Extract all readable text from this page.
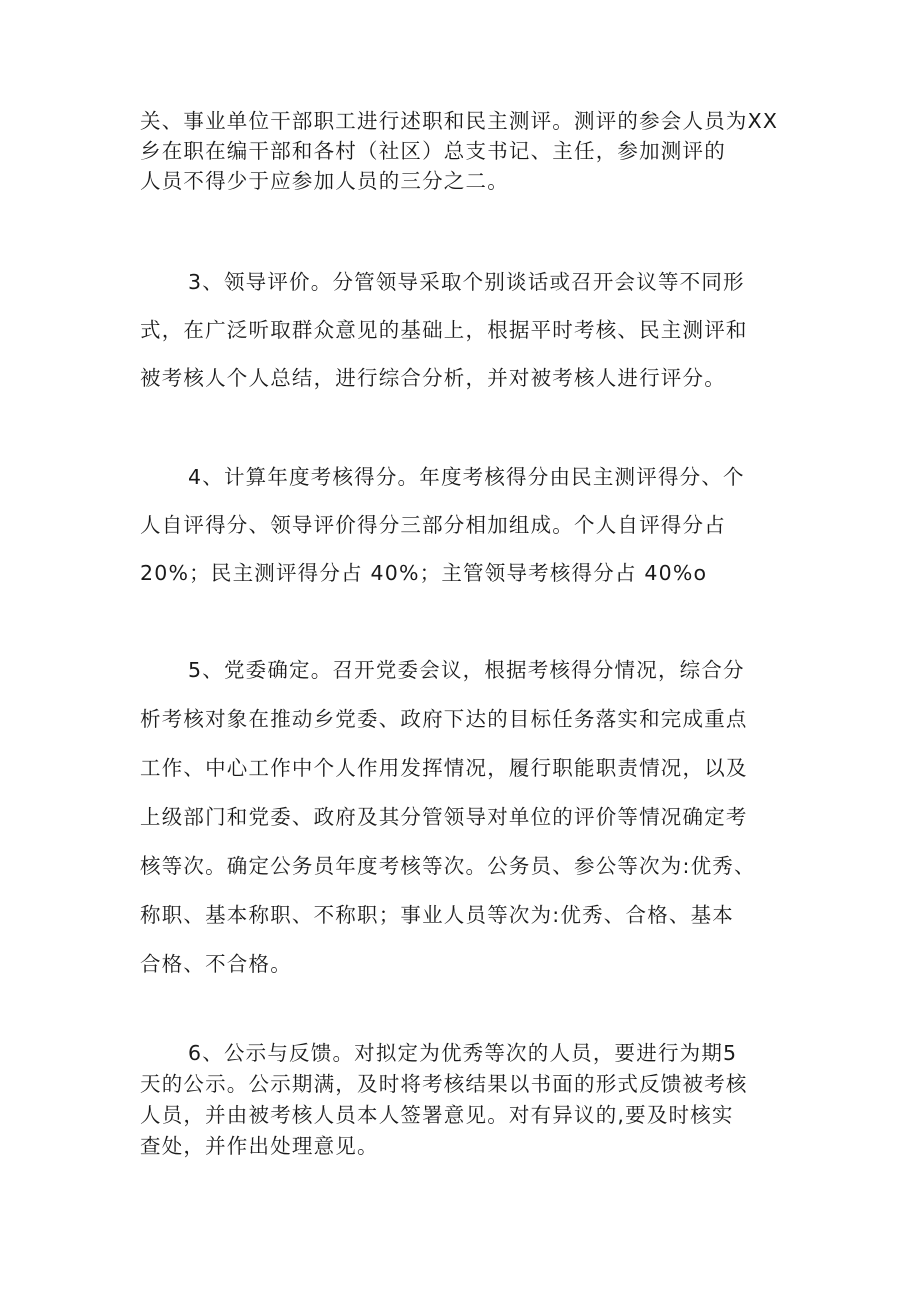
关、事业单位干部职工进行述职和民主测评。测评的参会人员为XX
乡在职在编干部和各村（社区）总支书记、主任，参加测评的
人员不得少于应参加人员的三分之二。

3、领导评价。分管领导采取个别谈话或召开会议等不同形
式，在广泛听取群众意见的基础上，根据平时考核、民主测评和
被考核人个人总结，进行综合分析，并对被考核人进行评分。

4、计算年度考核得分。年度考核得分由民主测评得分、个
人自评得分、领导评价得分三部分相加组成。个人自评得分占
20%；民主测评得分占 40%；主管领导考核得分占 40%o

5、党委确定。召开党委会议，根据考核得分情况，综合分
析考核对象在推动乡党委、政府下达的目标任务落实和完成重点
工作、中心工作中个人作用发挥情况，履行职能职责情况，以及
上级部门和党委、政府及其分管领导对单位的评价等情况确定考
核等次。确定公务员年度考核等次。公务员、参公等次为:优秀、
称职、基本称职、不称职；事业人员等次为:优秀、合格、基本
合格、不合格。

6、公示与反馈。对拟定为优秀等次的人员，要进行为期5
天的公示。公示期满，及时将考核结果以书面的形式反馈被考核
人员，并由被考核人员本人签署意见。对有异议的,要及时核实
查处，并作出处理意见。
